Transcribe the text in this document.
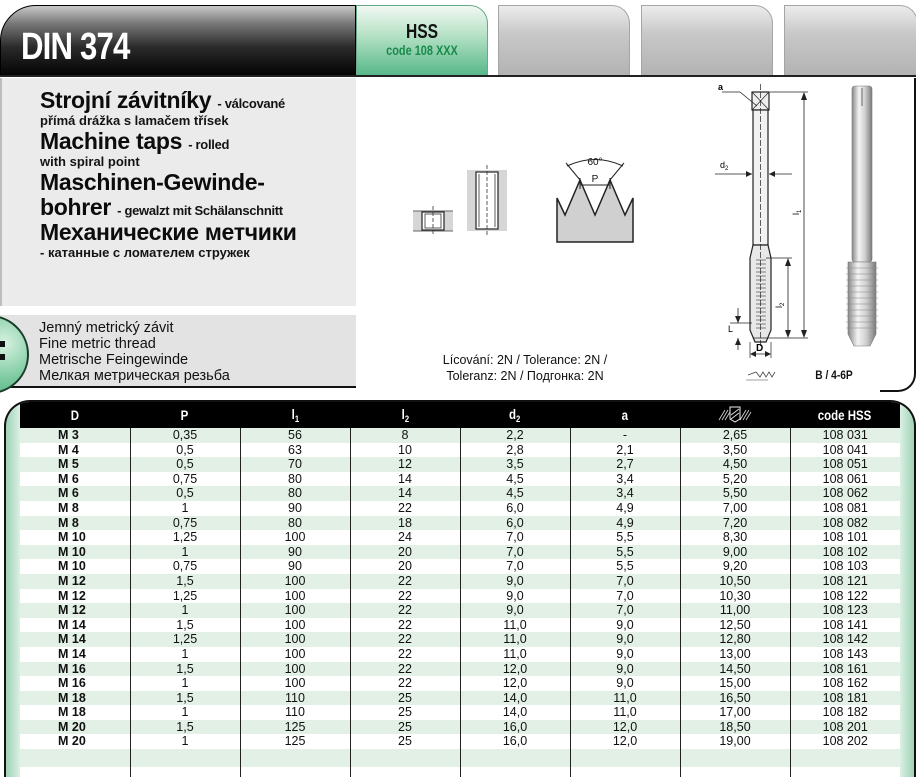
DIN 374	HSS
code 108 XXX
Strojní závitníky - válcované
přímá drážka s lamačem třísek
Machine taps - rolled
with spiral point
Maschinen-Gewinde-
bohrer - gewalzt mit Schälanschnitt
Механические метчики
- катанные с ломателем стружек
Jemný metrický závit
Fine metric thread
Metrische Feingewinde
Мелкая метрическая резьба
60°
P
Lícování: 2N / Tolerance: 2N /
Toleranz: 2N / Подгонка: 2N
a
$d_2$
$l_1$
$l_2$
L
D
B / 4-6P
D	P	$l_1$	$l_2$	$d_2$	a		code HSS
M 3	0,35	56	8	2,2	-	2,65	108 031
M 4	0,5	63	10	2,8	2,1	3,50	108 041
M 5	0,5	70	12	3,5	2,7	4,50	108 051
M 6	0,75	80	14	4,5	3,4	5,20	108 061
M 6	0,5	80	14	4,5	3,4	5,50	108 062
M 8	1	90	22	6,0	4,9	7,00	108 081
M 8	0,75	80	18	6,0	4,9	7,20	108 082
M 10	1,25	100	24	7,0	5,5	8,30	108 101
M 10	1	90	20	7,0	5,5	9,00	108 102
M 10	0,75	90	20	7,0	5,5	9,20	108 103
M 12	1,5	100	22	9,0	7,0	10,50	108 121
M 12	1,25	100	22	9,0	7,0	10,30	108 122
M 12	1	100	22	9,0	7,0	11,00	108 123
M 14	1,5	100	22	11,0	9,0	12,50	108 141
M 14	1,25	100	22	11,0	9,0	12,80	108 142
M 14	1	100	22	11,0	9,0	13,00	108 143
M 16	1,5	100	22	12,0	9,0	14,50	108 161
M 16	1	100	22	12,0	9,0	15,00	108 162
M 18	1,5	110	25	14,0	11,0	16,50	108 181
M 18	1	110	25	14,0	11,0	17,00	108 182
M 20	1,5	125	25	16,0	12,0	18,50	108 201
M 20	1	125	25	16,0	12,0	19,00	108 202
